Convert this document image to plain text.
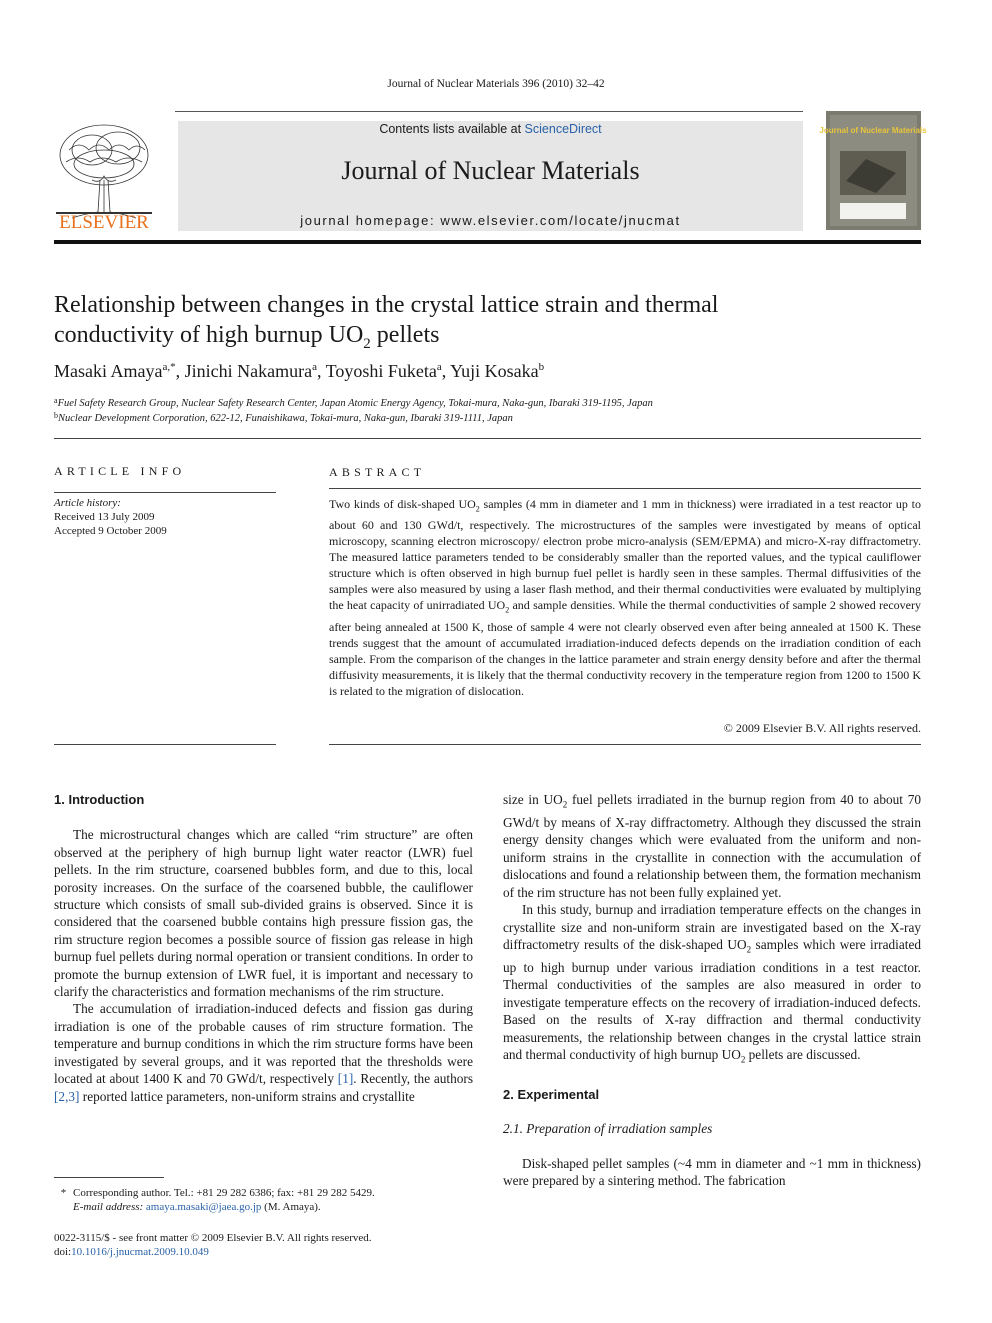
Journal of Nuclear Materials 396 (2010) 32–42
ELSEVIER
Contents lists available at ScienceDirect
Journal of Nuclear Materials
journal homepage: www.elsevier.com/locate/jnucmat
Journal of Nuclear Materials
Relationship between changes in the crystal lattice strain and thermal
conductivity of high burnup $UO_2$ pellets
Masaki Amaya$^{a,*}$, Jinichi Nakamura$^a$, Toyoshi Fuketa$^a$, Yuji Kosaka$^b$
$^a$Fuel Safety Research Group, Nuclear Safety Research Center, Japan Atomic Energy Agency, Tokai-mura, Naka-gun, Ibaraki 319-1195, Japan
$^b$Nuclear Development Corporation, 622-12, Funaishikawa, Tokai-mura, Naka-gun, Ibaraki 319-1111, Japan
ARTICLE INFO
Article history:
Received 13 July 2009
Accepted 9 October 2009
ABSTRACT
Two kinds of disk-shaped $UO_2$ samples (4 mm in diameter and 1 mm in thickness) were irradiated in a test reactor up to about 60 and 130 GWd/t, respectively. The microstructures of the samples were investigated by means of optical microscopy, scanning electron microscopy/ electron probe micro-analysis (SEM/EPMA) and micro-X-ray diffractometry. The measured lattice parameters tended to be considerably smaller than the reported values, and the typical cauliflower structure which is often observed in high burnup fuel pellet is hardly seen in these samples. Thermal diffusivities of the samples were also measured by using a laser flash method, and their thermal conductivities were evaluated by multiplying the heat capacity of unirradiated $UO_2$ and sample densities. While the thermal conductivities of sample 2 showed recovery after being annealed at 1500 K, those of sample 4 were not clearly observed even after being annealed at 1500 K. These trends suggest that the amount of accumulated irradiation-induced defects depends on the irradiation condition of each sample. From the comparison of the changes in the lattice parameter and strain energy density before and after the thermal diffusivity measurements, it is likely that the thermal conductivity recovery in the temperature region from 1200 to 1500 K is related to the migration of dislocation.
© 2009 Elsevier B.V. All rights reserved.
1. Introduction

The microstructural changes which are called “rim structure” are often observed at the periphery of high burnup light water reactor (LWR) fuel pellets. In the rim structure, coarsened bubbles form, and due to this, local porosity increases. On the surface of the coarsened bubble, the cauliflower structure which consists of small sub-divided grains is observed. Since it is considered that the coarsened bubble contains high pressure fission gas, the rim structure region becomes a possible source of fission gas release in high burnup fuel pellets during normal operation or transient conditions. In order to promote the burnup extension of LWR fuel, it is important and necessary to clarify the characteristics and formation mechanisms of the rim structure.

The accumulation of irradiation-induced defects and fission gas during irradiation is one of the probable causes of rim structure formation. The temperature and burnup conditions in which the rim structure forms have been investigated by several groups, and it was reported that the thresholds were located at about 1400 K and 70 GWd/t, respectively [1]. Recently, the authors [2,3] reported lattice parameters, non-uniform strains and crystallite

* Corresponding author. Tel.: +81 29 282 6386; fax: +81 29 282 5429.
E-mail address: amaya.masaki@jaea.go.jp (M. Amaya).
0022-3115/$ - see front matter © 2009 Elsevier B.V. All rights reserved.
doi:10.1016/j.jnucmat.2009.10.049

size in $UO_2$ fuel pellets irradiated in the burnup region from 40 to about 70 GWd/t by means of X-ray diffractometry. Although they discussed the strain energy density changes which were evaluated from the uniform and non-uniform strains in the crystallite in connection with the accumulation of dislocations and found a relationship between them, the formation mechanism of the rim structure has not been fully explained yet.

In this study, burnup and irradiation temperature effects on the changes in crystallite size and non-uniform strain are investigated based on the X-ray diffractometry results of the disk-shaped $UO_2$ samples which were irradiated up to high burnup under various irradiation conditions in a test reactor. Thermal conductivities of the samples are also measured in order to investigate temperature effects on the recovery of irradiation-induced defects. Based on the results of X-ray diffraction and thermal conductivity measurements, the relationship between changes in the crystal lattice strain and thermal conductivity of high burnup $UO_2$ pellets are discussed.

2. Experimental
2.1. Preparation of irradiation samples

Disk-shaped pellet samples (~4 mm in diameter and ~1 mm in thickness) were prepared by a sintering method. The fabrication
